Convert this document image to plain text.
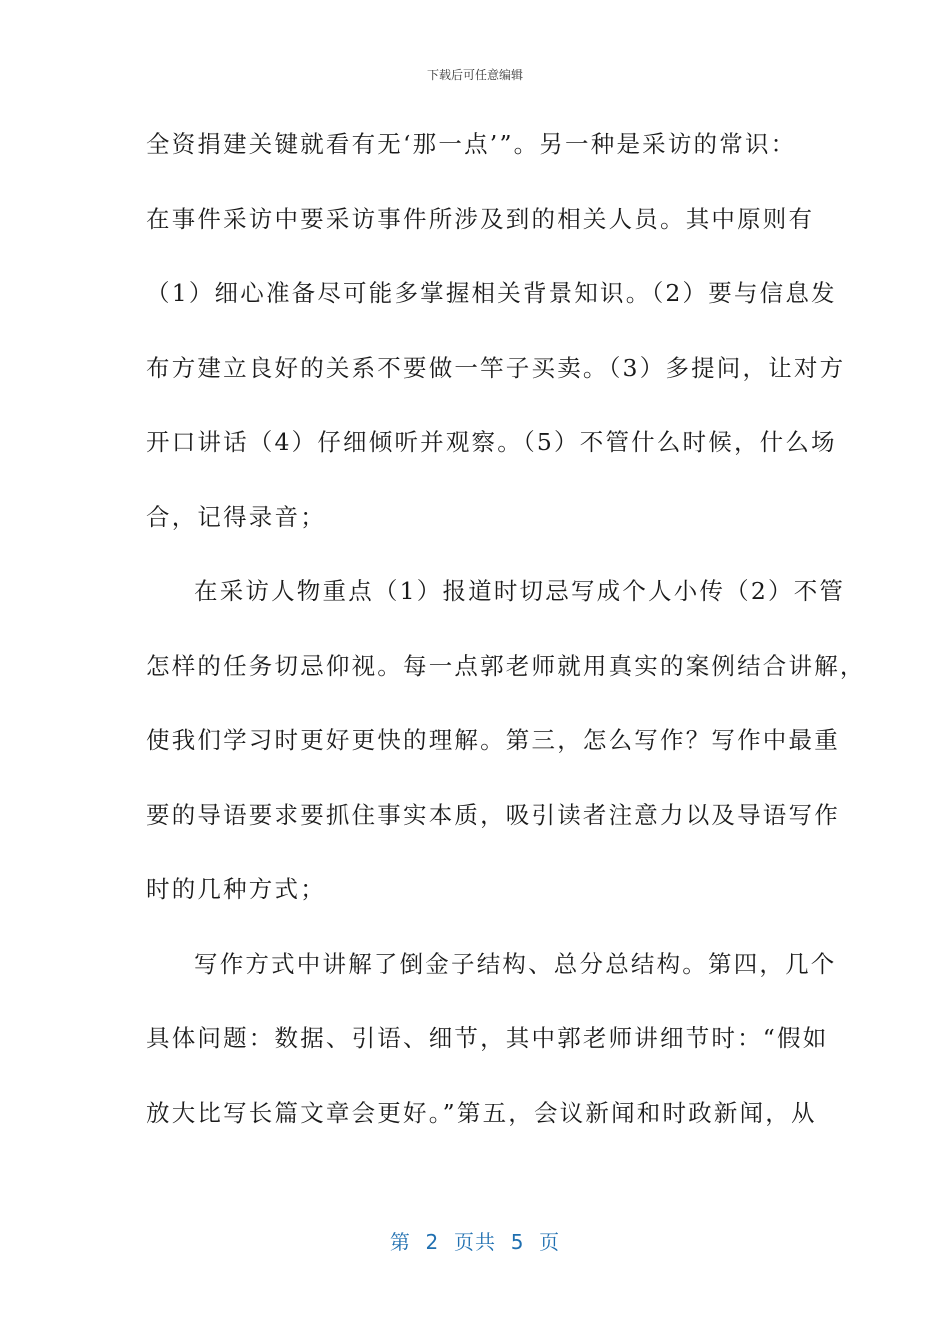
下载后可任意编辑
全资捐建关键就看有无‘那一点’”。另一种是采访的常识：
在事件采访中要采访事件所涉及到的相关人员。其中原则有
（1）细心准备尽可能多掌握相关背景知识。（2）要与信息发
布方建立良好的关系不要做一竿子买卖。（3）多提问，让对方
开口讲话（4）仔细倾听并观察。（5）不管什么时候，什么场
合，记得录音；
在采访人物重点（1）报道时切忌写成个人小传（2）不管
怎样的任务切忌仰视。每一点郭老师就用真实的案例结合讲解，
使我们学习时更好更快的理解。第三，怎么写作？写作中最重
要的导语要求要抓住事实本质，吸引读者注意力以及导语写作
时的几种方式；
写作方式中讲解了倒金子结构、总分总结构。第四，几个
具体问题：数据、引语、细节，其中郭老师讲细节时：“假如
放大比写长篇文章会更好。”第五，会议新闻和时政新闻，从
第  2  页共  5  页
